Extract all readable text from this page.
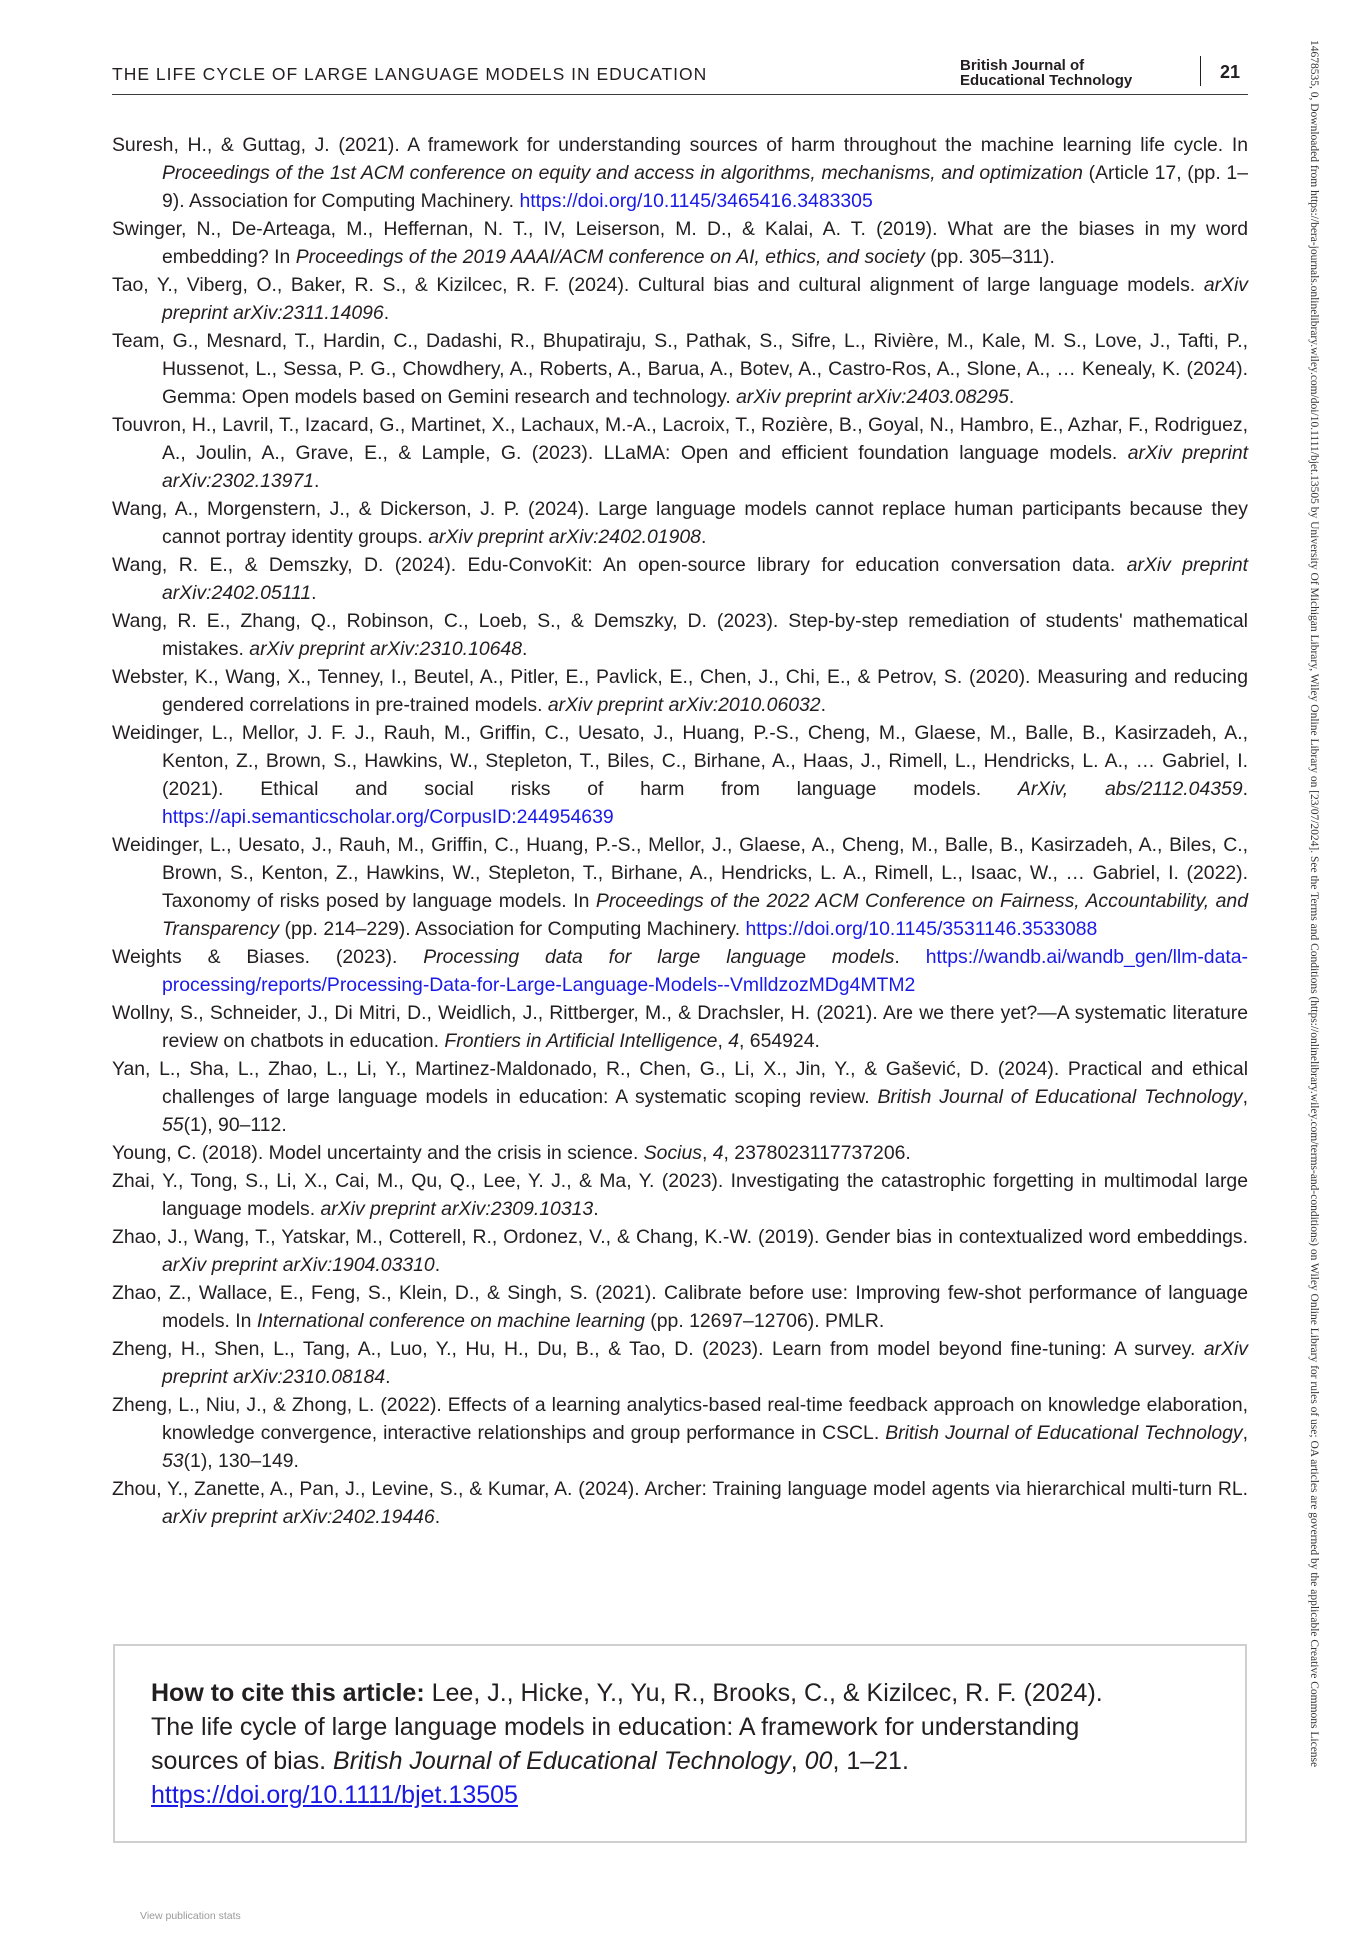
THE LIFE CYCLE OF LARGE LANGUAGE MODELS IN EDUCATION	British Journal of
Educational Technology	21	14678535, 0, Downloaded from https://bera-journals.onlinelibrary.wiley.com/doi/10.1111/bjet.13505 by University Of Michigan Library, Wiley Online Library on [23/07/2024]. See the Terms and Conditions (https://onlinelibrary.wiley.com/terms-and-conditions) on Wiley Online Library for rules of use; OA articles are governed by the applicable Creative Commons License

Suresh, H., & Guttag, J. (2021). A framework for understanding sources of harm throughout the machine learning life cycle. In Proceedings of the 1st ACM conference on equity and access in algorithms, mechanisms, and optimization (Article 17, (pp. 1–9). Association for Computing Machinery. https://doi.org/10.1145/3465416.3483305

Swinger, N., De-Arteaga, M., Heffernan, N. T., IV, Leiserson, M. D., & Kalai, A. T. (2019). What are the biases in my word embedding? In Proceedings of the 2019 AAAI/ACM conference on AI, ethics, and society (pp. 305–311).

Tao, Y., Viberg, O., Baker, R. S., & Kizilcec, R. F. (2024). Cultural bias and cultural alignment of large language models. arXiv preprint arXiv:2311.14096.

Team, G., Mesnard, T., Hardin, C., Dadashi, R., Bhupatiraju, S., Pathak, S., Sifre, L., Rivière, M., Kale, M. S., Love, J., Tafti, P., Hussenot, L., Sessa, P. G., Chowdhery, A., Roberts, A., Barua, A., Botev, A., Castro-Ros, A., Slone, A., … Kenealy, K. (2024). Gemma: Open models based on Gemini research and technology. arXiv preprint arXiv:2403.08295.

Touvron, H., Lavril, T., Izacard, G., Martinet, X., Lachaux, M.-A., Lacroix, T., Rozière, B., Goyal, N., Hambro, E., Azhar, F., Rodriguez, A., Joulin, A., Grave, E., & Lample, G. (2023). LLaMA: Open and efficient foundation language models. arXiv preprint arXiv:2302.13971.

Wang, A., Morgenstern, J., & Dickerson, J. P. (2024). Large language models cannot replace human participants because they cannot portray identity groups. arXiv preprint arXiv:2402.01908.

Wang, R. E., & Demszky, D. (2024). Edu-ConvoKit: An open-source library for education conversation data. arXiv preprint arXiv:2402.05111.

Wang, R. E., Zhang, Q., Robinson, C., Loeb, S., & Demszky, D. (2023). Step-by-step remediation of students' mathematical mistakes. arXiv preprint arXiv:2310.10648.

Webster, K., Wang, X., Tenney, I., Beutel, A., Pitler, E., Pavlick, E., Chen, J., Chi, E., & Petrov, S. (2020). Measuring and reducing gendered correlations in pre-trained models. arXiv preprint arXiv:2010.06032.

Weidinger, L., Mellor, J. F. J., Rauh, M., Griffin, C., Uesato, J., Huang, P.-S., Cheng, M., Glaese, M., Balle, B., Kasirzadeh, A., Kenton, Z., Brown, S., Hawkins, W., Stepleton, T., Biles, C., Birhane, A., Haas, J., Rimell, L., Hendricks, L. A., … Gabriel, I. (2021). Ethical and social risks of harm from language models. ArXiv, abs/2112.04359. https://api.semanticscholar.org/CorpusID:244954639

Weidinger, L., Uesato, J., Rauh, M., Griffin, C., Huang, P.-S., Mellor, J., Glaese, A., Cheng, M., Balle, B., Kasirzadeh, A., Biles, C., Brown, S., Kenton, Z., Hawkins, W., Stepleton, T., Birhane, A., Hendricks, L. A., Rimell, L., Isaac, W., … Gabriel, I. (2022). Taxonomy of risks posed by language models. In Proceedings of the 2022 ACM Conference on Fairness, Accountability, and Transparency (pp. 214–229). Association for Computing Machinery. https://doi.org/10.1145/3531146.3533088

Weights & Biases. (2023). Processing data for large language models. https://wandb.ai/wandb_gen/llm-data-processing/reports/Processing-Data-for-Large-Language-Models--VmlldzozMDg4MTM2

Wollny, S., Schneider, J., Di Mitri, D., Weidlich, J., Rittberger, M., & Drachsler, H. (2021). Are we there yet?—A systematic literature review on chatbots in education. Frontiers in Artificial Intelligence, 4, 654924.

Yan, L., Sha, L., Zhao, L., Li, Y., Martinez-Maldonado, R., Chen, G., Li, X., Jin, Y., & Gašević, D. (2024). Practical and ethical challenges of large language models in education: A systematic scoping review. British Journal of Educational Technology, 55(1), 90–112.

Young, C. (2018). Model uncertainty and the crisis in science. Socius, 4, 2378023117737206.

Zhai, Y., Tong, S., Li, X., Cai, M., Qu, Q., Lee, Y. J., & Ma, Y. (2023). Investigating the catastrophic forgetting in multimodal large language models. arXiv preprint arXiv:2309.10313.

Zhao, J., Wang, T., Yatskar, M., Cotterell, R., Ordonez, V., & Chang, K.-W. (2019). Gender bias in contextualized word embeddings. arXiv preprint arXiv:1904.03310.

Zhao, Z., Wallace, E., Feng, S., Klein, D., & Singh, S. (2021). Calibrate before use: Improving few-shot performance of language models. In International conference on machine learning (pp. 12697–12706). PMLR.

Zheng, H., Shen, L., Tang, A., Luo, Y., Hu, H., Du, B., & Tao, D. (2023). Learn from model beyond fine-tuning: A survey. arXiv preprint arXiv:2310.08184.

Zheng, L., Niu, J., & Zhong, L. (2022). Effects of a learning analytics-based real-time feedback approach on knowledge elaboration, knowledge convergence, interactive relationships and group performance in CSCL. British Journal of Educational Technology, 53(1), 130–149.

Zhou, Y., Zanette, A., Pan, J., Levine, S., & Kumar, A. (2024). Archer: Training language model agents via hierarchical multi-turn RL. arXiv preprint arXiv:2402.19446.

How to cite this article: Lee, J., Hicke, Y., Yu, R., Brooks, C., & Kizilcec, R. F. (2024). The life cycle of large language models in education: A framework for understanding sources of bias. British Journal of Educational Technology, 00, 1–21.
https://doi.org/10.1111/bjet.13505
View publication stats
